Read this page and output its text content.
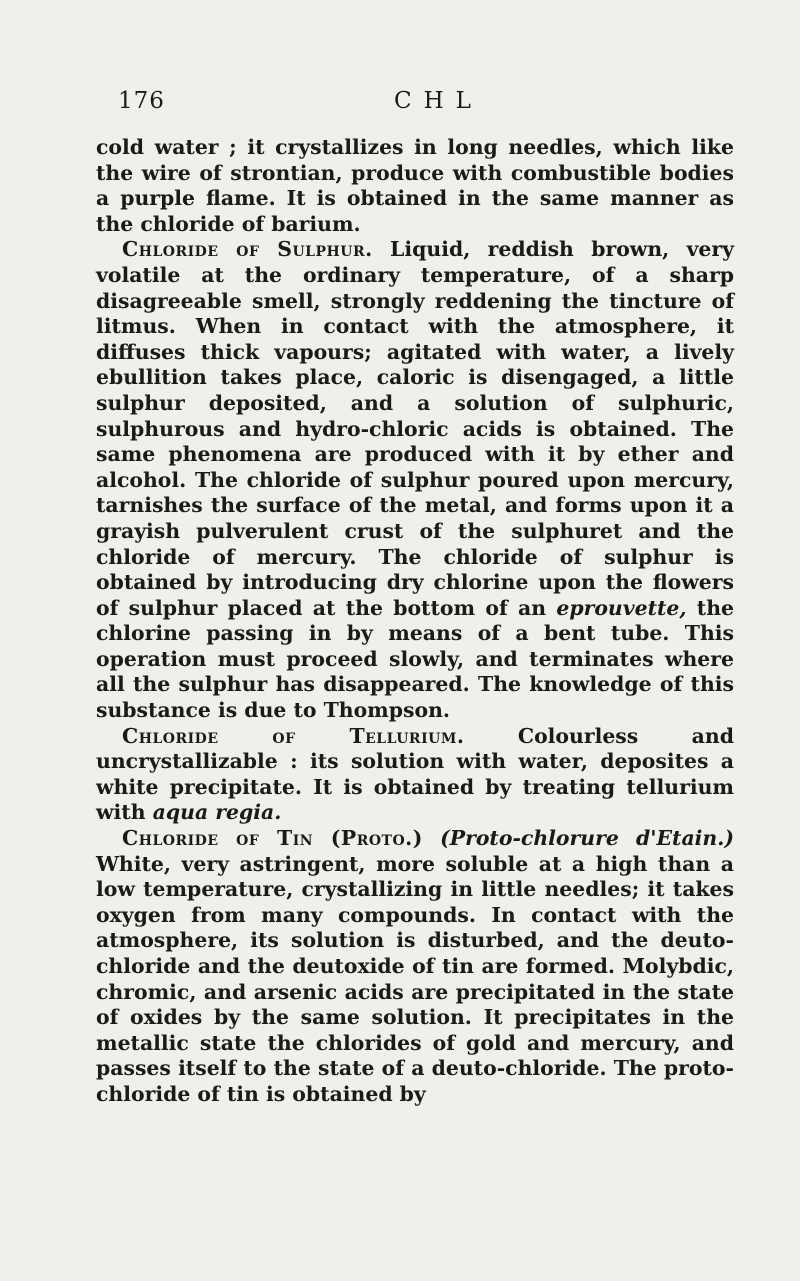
176	CHL

cold water ; it crystallizes in long needles, which like the wire of strontian, produce with combustible bodies a purple flame. It is obtained in the same manner as the chloride of barium.

Chloride of Sulphur. Liquid, reddish brown, very volatile at the ordinary temperature, of a sharp disagreeable smell, strongly reddening the tincture of litmus. When in contact with the atmosphere, it diffuses thick vapours; agitated with water, a lively ebullition takes place, caloric is disengaged, a little sulphur deposited, and a solution of sulphuric, sulphurous and hydro-chloric acids is obtained. The same phenomena are produced with it by ether and alcohol. The chloride of sulphur poured upon mercury, tarnishes the surface of the metal, and forms upon it a grayish pulverulent crust of the sulphuret and the chloride of mercury. The chloride of sulphur is obtained by introducing dry chlorine upon the flowers of sulphur placed at the bottom of an eprouvette, the chlorine passing in by means of a bent tube. This operation must proceed slowly, and terminates where all the sulphur has disappeared. The knowledge of this substance is due to Thompson.

Chloride of Tellurium.	Colourless and uncrystallizable : its solution with water, deposites a white precipitate. It is obtained by treating tellurium with aqua regia.

Chloride of Tin (Proto.) (Proto-chlorure d'Etain.) White, very astringent, more soluble at a high than a low temperature, crystallizing in little needles; it takes oxygen from many compounds. In contact with the atmosphere, its solution is disturbed, and the deuto-chloride and the deutoxide of tin are formed. Molybdic, chromic, and arsenic acids are precipitated in the state of oxides by the same solution. It precipitates in the metallic state the chlorides of gold and mercury, and passes itself to the state of a deuto-chloride. The proto-chloride of tin is obtained by
